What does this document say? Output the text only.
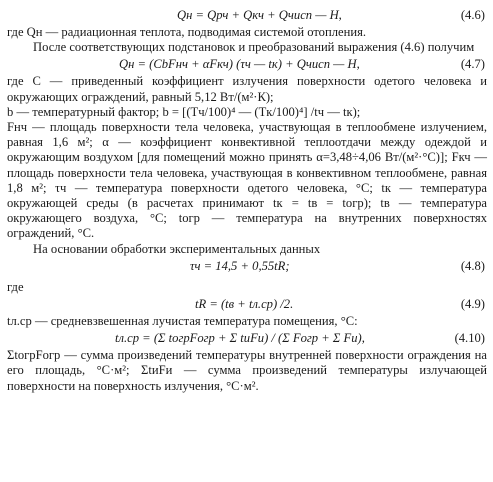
Qн = Qрч + Qкч + Qчисп — H,	(4.6)
где Qн — радиационная теплота, подводимая системой отопления.
После соответствующих подстановок и преобразований выражения (4.6) получим
Qн = (CbFнч + αFкч) (τч — tк) + Qчисп — H,	(4.7)
где C — приведенный коэффициент излучения поверхности одетого человека и окружающих ограждений, равный 5,12 Вт/(м²·К);
b — температурный фактор; b = [(Tч/100)⁴ — (Tк/100)⁴] /tч — tк);
Fнч — площадь поверхности тела человека, участвующая в теплообмене излучением, равная 1,6 м²; α — коэффициент конвективной теплоотдачи между одеждой и окружающим воздухом [для помещений можно принять α=3,48÷4,06 Вт/(м²·°С)]; Fкч — площадь поверхности тела человека, участвующая в конвективном теплообмене, равная 1,8 м²; τч — температура поверхности одетого человека, °С; tк — температура окружающей среды (в расчетах принимают tк = tв = tогр); tв — температура окружающего воздуха, °С; tогр — температура на внутренних поверхностях ограждений, °С.
На основании обработки экспериментальных данных
τч = 14,5 + 0,55tR;	(4.8)
где
tR = (tв + tл.ср) /2.	(4.9)
tл.ср — средневзвешенная лучистая температура помещения, °С:
tл.ср = (Σ tогрFогр + Σ tиFи) / (Σ Fогр + Σ Fи),	(4.10)
ΣtогрFогр — сумма произведений температуры внутренней поверхности ограждения на его площадь, °С·м²; ΣtиFи — сумма произведений температуры излучающей поверхности на поверхность излучения, °С·м².
